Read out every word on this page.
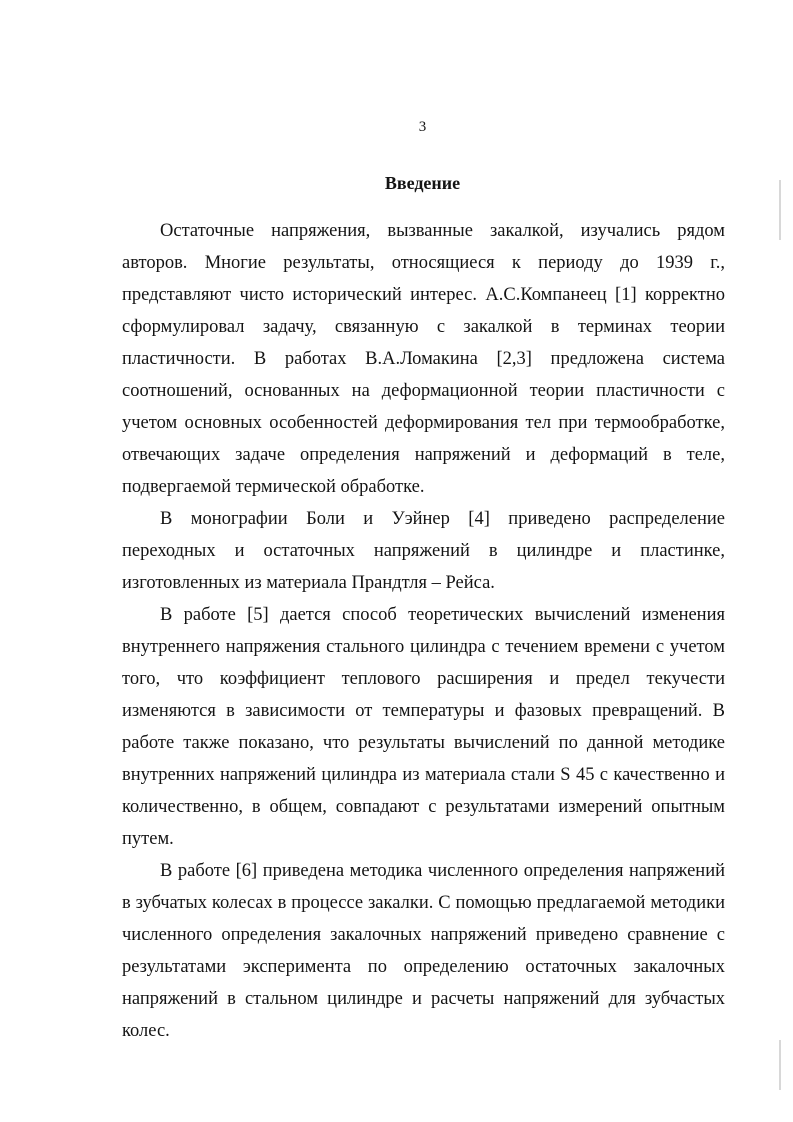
3
Введение

Остаточные напряжения, вызванные закалкой, изучались рядом авторов. Многие результаты, относящиеся к периоду до 1939 г., представляют чисто исторический интерес. А.С.Компанеец [1] корректно сформулировал задачу, связанную с закалкой в терминах теории пластичности. В работах В.А.Ломакина [2,3] предложена система соотношений, основанных на деформационной теории пластичности с учетом основных особенностей деформирования тел при термообработке, отвечающих задаче определения напряжений и деформаций в теле, подвергаемой термической обработке.

В монографии Боли и Уэйнер [4] приведено распределение переходных и остаточных напряжений в цилиндре и пластинке, изготовленных из материала Прандтля – Рейса.

В работе [5] дается способ теоретических вычислений изменения внутреннего напряжения стального цилиндра с течением времени с учетом того, что коэффициент теплового расширения и предел текучести изменяются в зависимости от температуры и фазовых превращений. В работе также показано, что результаты вычислений по данной методике внутренних напряжений цилиндра из материала стали S 45 с качественно и количественно, в общем, совпадают с результатами измерений опытным путем.

В работе [6] приведена методика численного определения напряжений в зубчатых колесах в процессе закалки. С помощью предлагаемой методики численного определения закалочных напряжений приведено сравнение с результатами эксперимента по определению остаточных закалочных напряжений в стальном цилиндре и расчеты напряжений для зубчастых колес.
